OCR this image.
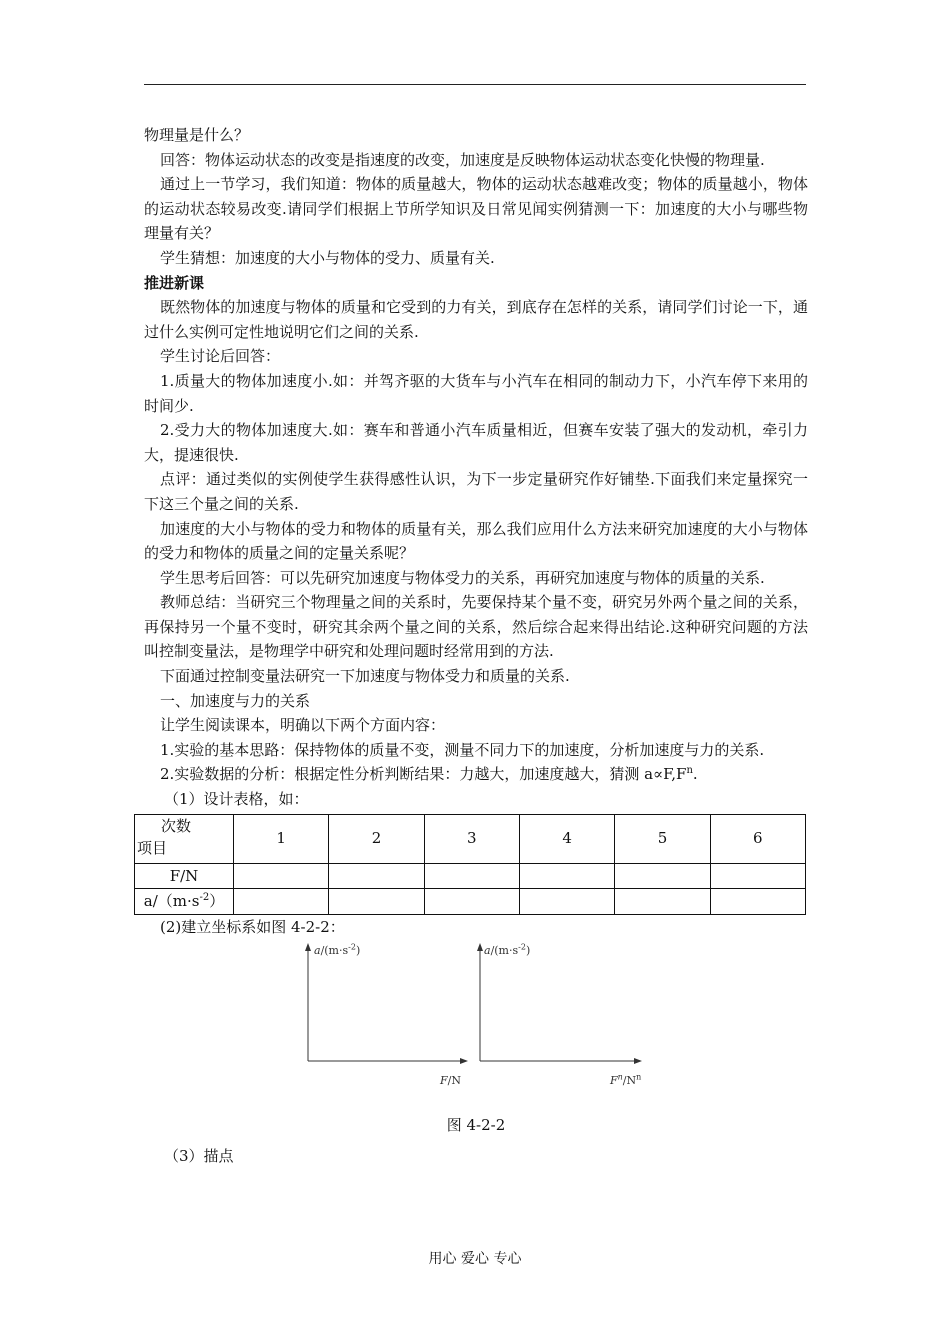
物理量是什么？

回答：物体运动状态的改变是指速度的改变，加速度是反映物体运动状态变化快慢的物理量.

通过上一节学习，我们知道：物体的质量越大，物体的运动状态越难改变；物体的质量越小，物体的运动状态较易改变.请同学们根据上节所学知识及日常见闻实例猜测一下：加速度的大小与哪些物理量有关？

学生猜想：加速度的大小与物体的受力、质量有关.

推进新课

既然物体的加速度与物体的质量和它受到的力有关，到底存在怎样的关系，请同学们讨论一下，通过什么实例可定性地说明它们之间的关系.

学生讨论后回答：

1.质量大的物体加速度小.如：并驾齐驱的大货车与小汽车在相同的制动力下，小汽车停下来用的时间少.

2.受力大的物体加速度大.如：赛车和普通小汽车质量相近，但赛车安装了强大的发动机，牵引力大，提速很快.

点评：通过类似的实例使学生获得感性认识，为下一步定量研究作好铺垫.下面我们来定量探究一下这三个量之间的关系.

加速度的大小与物体的受力和物体的质量有关，那么我们应用什么方法来研究加速度的大小与物体的受力和物体的质量之间的定量关系呢？

学生思考后回答：可以先研究加速度与物体受力的关系，再研究加速度与物体的质量的关系.

教师总结：当研究三个物理量之间的关系时，先要保持某个量不变，研究另外两个量之间的关系，再保持另一个量不变时，研究其余两个量之间的关系，然后综合起来得出结论.这种研究问题的方法叫控制变量法，是物理学中研究和处理问题时经常用到的方法.

下面通过控制变量法研究一下加速度与物体受力和质量的关系.

一、加速度与力的关系

让学生阅读课本，明确以下两个方面内容：

1.实验的基本思路：保持物体的质量不变，测量不同力下的加速度，分析加速度与力的关系.

2.实验数据的分析：根据定性分析判断结果：力越大，加速度越大，猜测 $a\propto F,F^n$.

（1）设计表格，如：

次数
项目	1	2	3	4	5	6
F/N						
$a/(m\cdot s^{-2})$						

(2)建立坐标系如图 4-2-2：

$a/(m\cdot s^{-2})$
F/N
$a/(m\cdot s^{-2})$
$F^n/N^n$
图 4-2-2

（3）描点

用心 爱心 专心
